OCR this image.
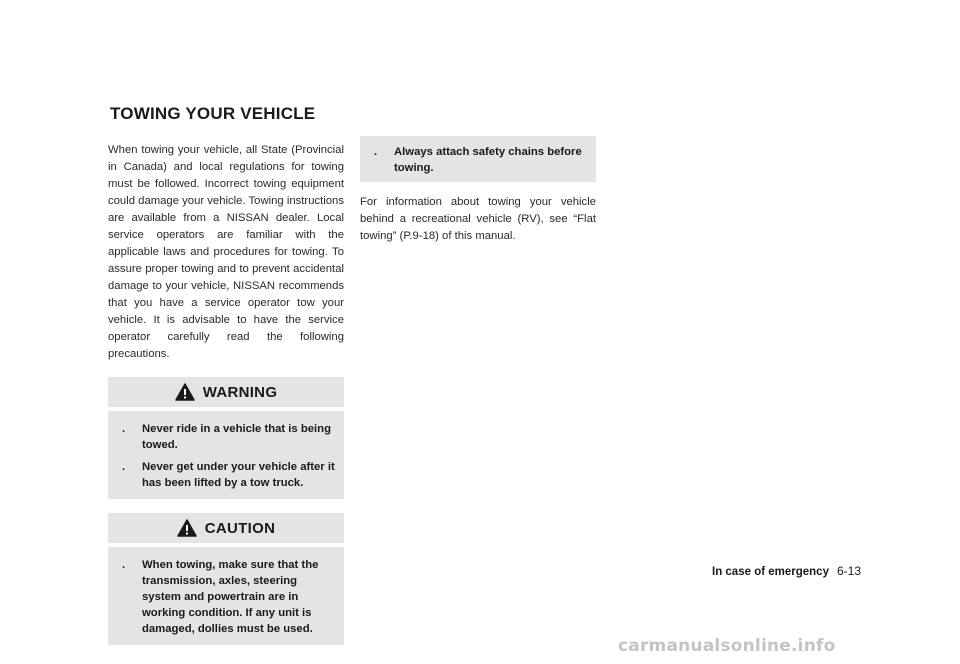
TOWING YOUR VEHICLE

When towing your vehicle, all State (Provincial in Canada) and local regulations for towing must be followed. Incorrect towing equipment could damage your vehicle. Towing instructions are available from a NISSAN dealer. Local service operators are familiar with the applicable laws and procedures for towing. To assure proper towing and to prevent accidental damage to your vehicle, NISSAN recommends that you have a service operator tow your vehicle. It is advisable to have the service operator carefully read the following precautions.

WARNING
.	Never ride in a vehicle that is being towed.
.	Never get under your vehicle after it has been lifted by a tow truck.
CAUTION
.	When towing, make sure that the transmission, axles, steering system and powertrain are in working condition. If any unit is damaged, dollies must be used.
.	Always attach safety chains before towing.

For information about towing your vehicle behind a recreational vehicle (RV), see “Flat towing” (P.9-18) of this manual.

In case of emergency 6-13
carmanualsonline.info
